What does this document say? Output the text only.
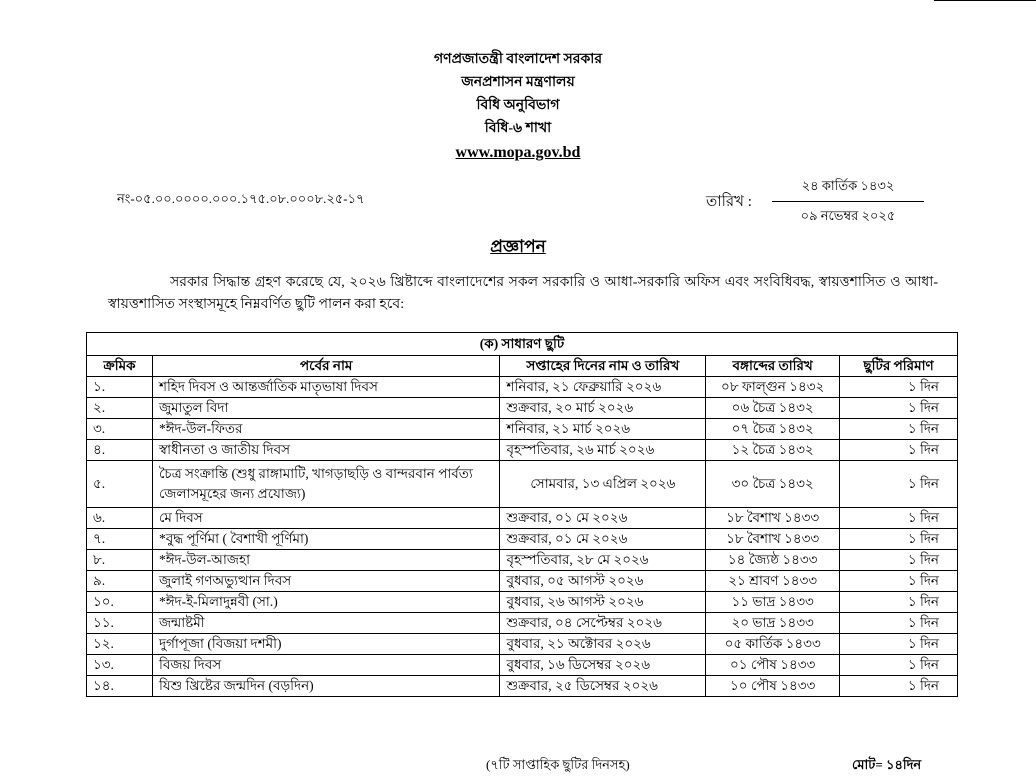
গণপ্রজাতন্ত্রী বাংলাদেশ সরকার
জনপ্রশাসন মন্ত্রণালয়
বিধি অনুবিভাগ
বিধি-৬ শাখা
www.mopa.gov.bd
নং-০৫.০০.০০০০.০০০.১৭৫.০৮.০০০৮.২৫-১৭	তারিখ :
২৪ কার্তিক ১৪৩২
০৯ নভেম্বর ২০২৫
প্রজ্ঞাপন
সরকার সিদ্ধান্ত গ্রহণ করেছে যে, ২০২৬ খ্রিষ্টাব্দে বাংলাদেশের সকল সরকারি ও আধা-সরকারি অফিস এবং সংবিধিবদ্ধ, স্বায়ত্তশাসিত ও আধা-স্বায়ত্তশাসিত সংস্থাসমূহে নিম্নবর্ণিত ছুটি পালন করা হবে:
(ক) সাধারণ ছুটি				
ক্রমিক	পর্বের নাম	সপ্তাহের দিনের নাম ও তারিখ	বঙ্গাব্দের তারিখ	ছুটির পরিমাণ
১.	শহিদ দিবস ও আন্তর্জাতিক মাতৃভাষা দিবস	শনিবার, ২১ ফেব্রুয়ারি ২০২৬	০৮ ফাল্গুন ১৪৩২	১ দিন
২.	জুমাতুল বিদা	শুক্রবার, ২০ মার্চ ২০২৬	০৬ চৈত্র ১৪৩২	১ দিন
৩.	*ঈদ-উল-ফিতর	শনিবার, ২১ মার্চ ২০২৬	০৭ চৈত্র ১৪৩২	১ দিন
৪.	স্বাধীনতা ও জাতীয় দিবস	বৃহস্পতিবার, ২৬ মার্চ ২০২৬	১২ চৈত্র ১৪৩২	১ দিন
৫.	চৈত্র সংক্রান্তি (শুধু রাঙ্গামাটি, খাগড়াছড়ি ও বান্দরবান পার্বত্য জেলাসমূহের জন্য প্রযোজ্য)	সোমবার, ১৩ এপ্রিল ২০২৬	৩০ চৈত্র ১৪৩২	১ দিন
৬.	মে দিবস	শুক্রবার, ০১ মে ২০২৬	১৮ বৈশাখ ১৪৩৩	১ দিন
৭.	*বুদ্ধ পূর্ণিমা ( বৈশাখী পূর্ণিমা)	শুক্রবার, ০১ মে ২০২৬	১৮ বৈশাখ ১৪৩৩	১ দিন
৮.	*ঈদ-উল-আজহা	বৃহস্পতিবার, ২৮ মে ২০২৬	১৪ জ্যৈষ্ঠ ১৪৩৩	১ দিন
৯.	জুলাই গণঅভ্যুত্থান দিবস	বুধবার, ০৫ আগস্ট ২০২৬	২১ শ্রাবণ ১৪৩৩	১ দিন
১০.	*ঈদ-ই-মিলাদুন্নবী (সা.)	বুধবার, ২৬ আগস্ট ২০২৬	১১ ভাদ্র ১৪৩৩	১ দিন
১১.	জন্মাষ্টমী	শুক্রবার, ০৪ সেপ্টেম্বর ২০২৬	২০ ভাদ্র ১৪৩৩	১ দিন
১২.	দুর্গাপূজা (বিজয়া দশমী)	বুধবার, ২১ অক্টোবর ২০২৬	০৫ কার্তিক ১৪৩৩	১ দিন
১৩.	বিজয় দিবস	বুধবার, ১৬ ডিসেম্বর ২০২৬	০১ পৌষ ১৪৩৩	১ দিন
১৪.	যিশু খ্রিষ্টের জন্মদিন (বড়দিন)	শুক্রবার, ২৫ ডিসেম্বর ২০২৬	১০ পৌষ ১৪৩৩	১ দিন
(৭টি সাপ্তাহিক ছুটির দিনসহ)	মোট= ১৪দিন
